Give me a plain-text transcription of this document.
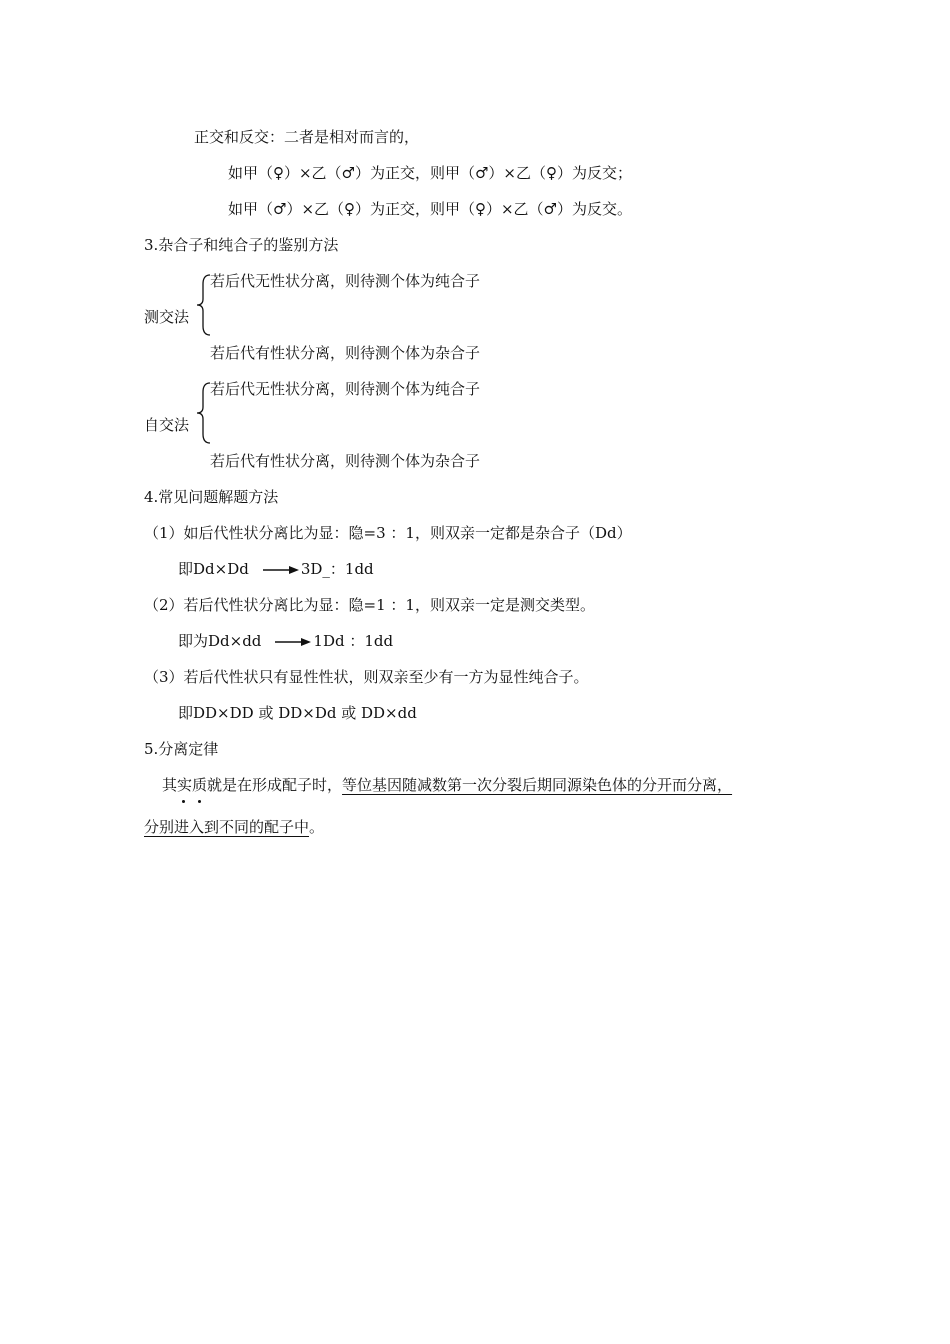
正交和反交：二者是相对而言的，
如甲（♀）×乙（♂）为正交，则甲（♂）×乙（♀）为反交；
如甲（♂）×乙（♀）为正交，则甲（♀）×乙（♂）为反交。
3.杂合子和纯合子的鉴别方法
若后代无性状分离，则待测个体为纯合子
测交法
若后代有性状分离，则待测个体为杂合子
若后代无性状分离，则待测个体为纯合子
自交法
若后代有性状分离，则待测个体为杂合子
4.常见问题解题方法
（1）如后代性状分离比为显：隐=3 ：1，则双亲一定都是杂合子（Dd）
即Dd×Dd	3D_：1dd
（2）若后代性状分离比为显：隐=1 ：1，则双亲一定是测交类型。
即为Dd×dd	1Dd ：1dd
（3）若后代性状只有显性性状，则双亲至少有一方为显性纯合子。
即DD×DD 或 DD×Dd 或 DD×dd
5.分离定律
其实质
就是在形成配子时，等位基因随减数第一次分裂后期同源染色体的分开而分离，
分别进入到不同的配子中。
